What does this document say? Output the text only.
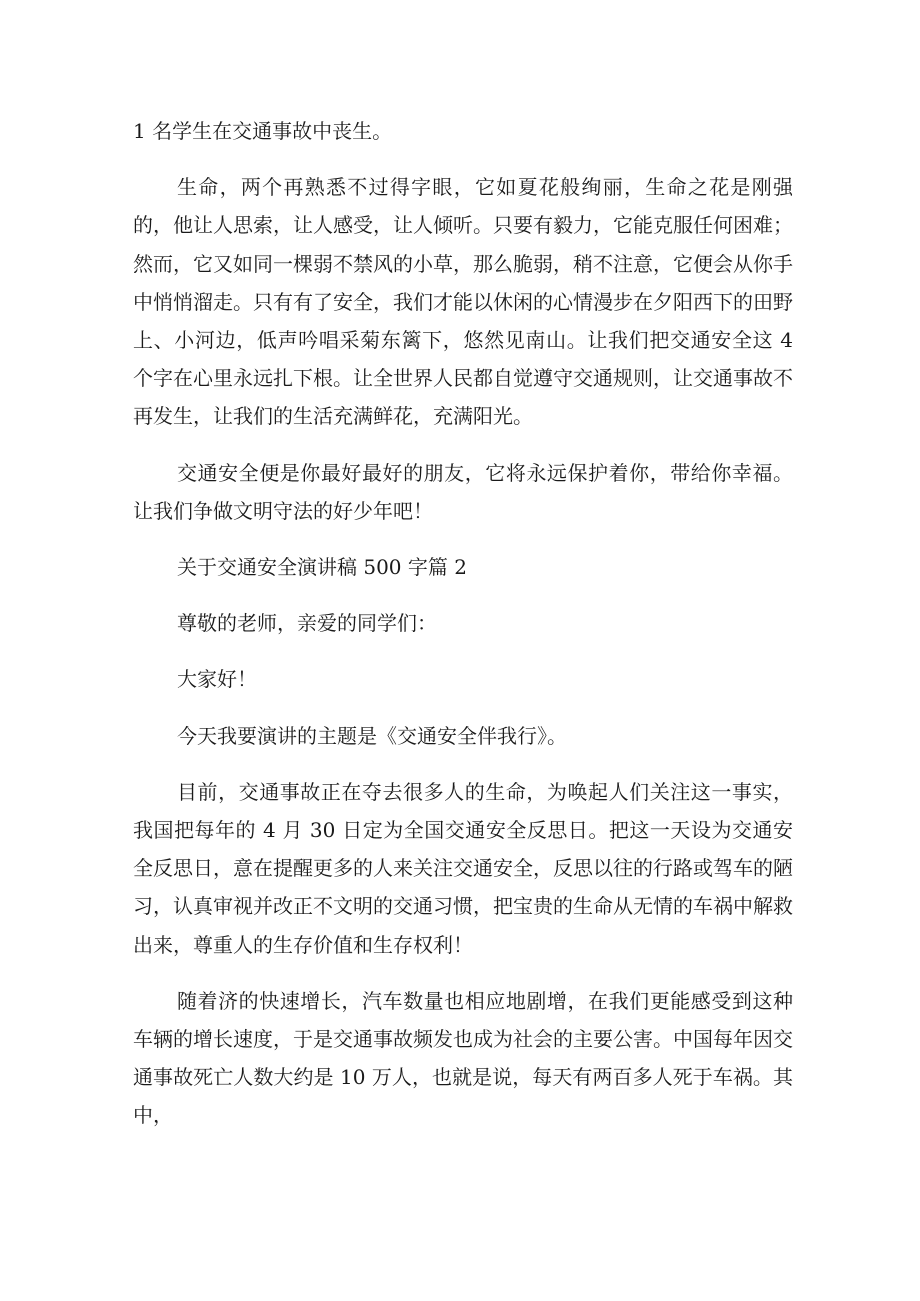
1 名学生在交通事故中丧生。

生命，两个再熟悉不过得字眼，它如夏花般绚丽，生命之花是刚强的，他让人思索，让人感受，让人倾听。只要有毅力，它能克服任何困难；然而，它又如同一棵弱不禁风的小草，那么脆弱，稍不注意，它便会从你手中悄悄溜走。只有有了安全，我们才能以休闲的心情漫步在夕阳西下的田野上、小河边，低声吟唱采菊东篱下，悠然见南山。让我们把交通安全这 4 个字在心里永远扎下根。让全世界人民都自觉遵守交通规则，让交通事故不再发生，让我们的生活充满鲜花，充满阳光。

交通安全便是你最好最好的朋友，它将永远保护着你，带给你幸福。让我们争做文明守法的好少年吧！

关于交通安全演讲稿 500 字篇 2

尊敬的老师，亲爱的同学们：

大家好！

今天我要演讲的主题是《交通安全伴我行》。

目前，交通事故正在夺去很多人的生命，为唤起人们关注这一事实，我国把每年的 4 月 30 日定为全国交通安全反思日。把这一天设为交通安全反思日，意在提醒更多的人来关注交通安全，反思以往的行路或驾车的陋习，认真审视并改正不文明的交通习惯，把宝贵的生命从无情的车祸中解救出来，尊重人的生存价值和生存权利！

随着济的快速增长，汽车数量也相应地剧增，在我们更能感受到这种车辆的增长速度，于是交通事故频发也成为社会的主要公害。中国每年因交通事故死亡人数大约是 10 万人，也就是说，每天有两百多人死于车祸。其中，
